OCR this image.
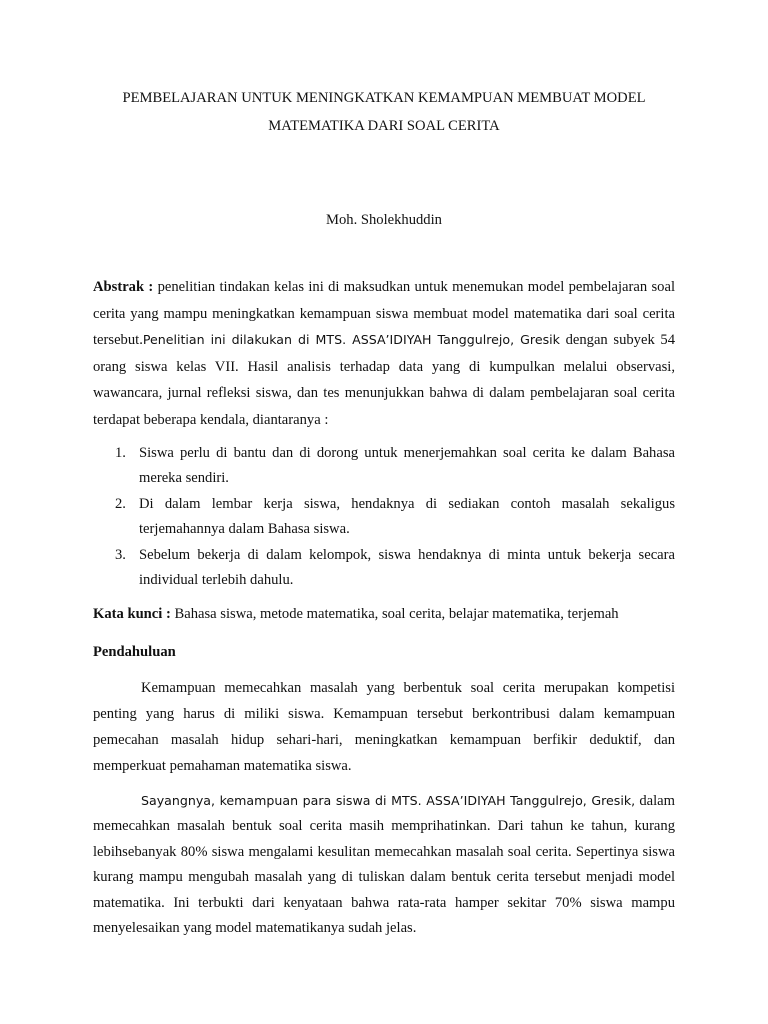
PEMBELAJARAN UNTUK MENINGKATKAN KEMAMPUAN MEMBUAT MODEL
MATEMATIKA DARI SOAL CERITA

Moh. Sholekhuddin

Abstrak : penelitian tindakan kelas ini di maksudkan untuk menemukan model pembelajaran soal cerita yang mampu meningkatkan kemampuan siswa membuat model matematika dari soal cerita tersebut.Penelitian ini dilakukan di MTS. ASSA’IDIYAH Tanggulrejo, Gresik dengan subyek 54 orang siswa kelas VII. Hasil analisis terhadap data yang di kumpulkan melalui observasi, wawancara, jurnal refleksi siswa, dan tes menunjukkan bahwa di dalam pembelajaran soal cerita terdapat beberapa kendala, diantaranya :

1. Siswa perlu di bantu dan di dorong untuk menerjemahkan soal cerita ke dalam Bahasa mereka sendiri.
2. Di dalam lembar kerja siswa, hendaknya di sediakan contoh masalah sekaligus terjemahannya dalam Bahasa siswa.
3. Sebelum bekerja di dalam kelompok, siswa hendaknya di minta untuk bekerja secara individual terlebih dahulu.

Kata kunci : Bahasa siswa, metode matematika, soal cerita, belajar matematika, terjemah

Pendahuluan

Kemampuan memecahkan masalah yang berbentuk soal cerita merupakan kompetisi penting yang harus di miliki siswa. Kemampuan tersebut berkontribusi dalam kemampuan pemecahan masalah hidup sehari-hari, meningkatkan kemampuan berfikir deduktif, dan memperkuat pemahaman matematika siswa.

Sayangnya, kemampuan para siswa di MTS. ASSA’IDIYAH Tanggulrejo, Gresik, dalam memecahkan masalah bentuk soal cerita masih memprihatinkan. Dari tahun ke tahun, kurang lebihsebanyak 80% siswa mengalami kesulitan memecahkan masalah soal cerita. Sepertinya siswa kurang mampu mengubah masalah yang di tuliskan dalam bentuk cerita tersebut menjadi model matematika. Ini terbukti dari kenyataan bahwa rata-rata hamper sekitar 70% siswa mampu menyelesaikan yang model matematikanya sudah jelas.
